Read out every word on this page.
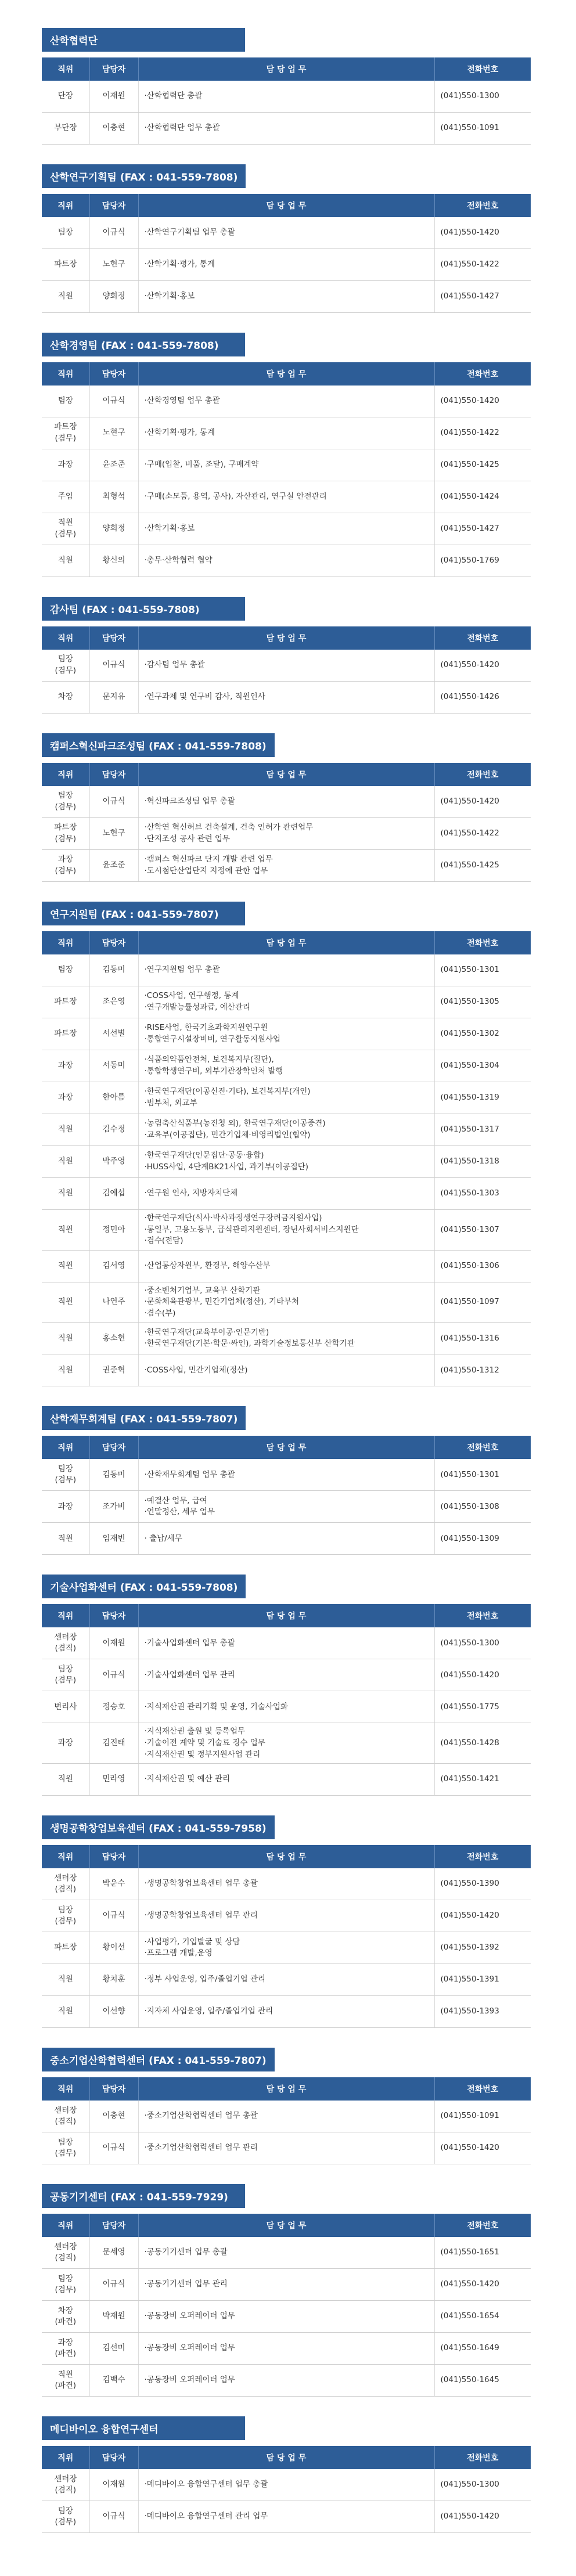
산학협력단
직위	담당자	담 당 업 무	전화번호

단장	이재원	·산학협력단 총괄	(041)550-1300

부단장	이충현	·산학협력단 업무 총괄	(041)550-1091
산학연구기획팀 (FAX : 041-559-7808)
직위	담당자	담 당 업 무	전화번호

팀장	이규식	·산학연구기획팀 업무 총괄	(041)550-1420

파트장	노현구	·산학기획·평가, 통계	(041)550-1422

직원	양희정	·산학기획·홍보	(041)550-1427
산학경영팀 (FAX : 041-559-7808)
직위	담당자	담 당 업 무	전화번호

팀장	이규식	·산학경영팀 업무 총괄	(041)550-1420

파트장
(겸무)	노현구	·산학기획·평가, 통계	(041)550-1422

과장	윤조준	·구매(입찰, 비품, 조달), 구매계약	(041)550-1425

주임	최형석	·구매(소모품, 용역, 공사), 자산관리, 연구실 안전관리	(041)550-1424

직원
(겸무)	양희정	·산학기획·홍보	(041)550-1427

직원	황신의	·총무·산학협력 협약	(041)550-1769
감사팀 (FAX : 041-559-7808)
직위	담당자	담 당 업 무	전화번호

팀장
(겸무)	이규식	·감사팀 업무 총괄	(041)550-1420

차장	문지유	·연구과제 및 연구비 감사, 직원인사	(041)550-1426
캠퍼스혁신파크조성팀 (FAX : 041-559-7808)
직위	담당자	담 당 업 무	전화번호

팀장
(겸무)	이규식	·혁신파크조성팀 업무 총괄	(041)550-1420

파트장
(겸무)	노현구	·산학연 혁신허브 건축설계, 건축 인허가 관련업무
·단지조성 공사 관련 업무	(041)550-1422

과장
(겸무)	윤조준	·캠퍼스 혁신파크 단지 개발 관련 업무
·도시첨단산업단지 지정에 관한 업무	(041)550-1425
연구지원팀 (FAX : 041-559-7807)
직위	담당자	담 당 업 무	전화번호

팀장	김동미	·연구지원팀 업무 총괄	(041)550-1301

파트장	조은영	·COSS사업, 연구행정, 통계
·연구개발능률성과급, 예산관리	(041)550-1305

파트장	서선별	·RISE사업, 한국기초과학지원연구원
·통합연구시설장비비, 연구활동지원사업	(041)550-1302

과장	서동미	·식품의약품안전처, 보건복지부(질단),
·통합학생연구비, 외부기관장학인처 발행	(041)550-1304

과장	한아름	·한국연구재단(이공신진·기타), 보건복지부(개인)
·범부처, 외교부	(041)550-1319

직원	김수정	·농림축산식품부(농진청 외), 한국연구재단(이공중견)
·교육부(이공집단), 민간기업체·비영리법인(협약)	(041)550-1317

직원	박주영	·한국연구재단(인문집단·공동·융합)
·HUSS사업, 4단계BK21사업, 과기부(이공집단)	(041)550-1318

직원	김예섭	·연구원 인사, 지방자치단체	(041)550-1303

직원	정민아	·한국연구재단(석사·박사과정생연구장려금지원사업)
·통일부, 고용노동부, 급식관리지원센터, 장년사회서비스지원단
·겸수(전담)	(041)550-1307

직원	김서영	·산업통상자원부, 환경부, 해양수산부	(041)550-1306

직원	나연주	·중소벤처기업부, 교육부 산학기관
·문화체육관광부, 민간기업체(정산), 기타부처
·겸수(부)	(041)550-1097

직원	홍소현	·한국연구재단(교육부이공·인문기반)
·한국연구재단(기본·학문·싸인), 과학기술정보통신부 산학기관	(041)550-1316

직원	권준혁	·COSS사업, 민간기업체(정산)	(041)550-1312
산학재무회계팀 (FAX : 041-559-7807)
직위	담당자	담 당 업 무	전화번호

팀장
(겸무)	김동미	·산학재무회계팀 업무 총괄	(041)550-1301

과장	조가비	·예결산 업무, 급여
·연말정산, 세무 업무	(041)550-1308

직원	임재빈	· 출납/세무	(041)550-1309
기술사업화센터 (FAX : 041-559-7808)
직위	담당자	담 당 업 무	전화번호

센터장
(겸직)	이재원	·기술사업화센터 업무 총괄	(041)550-1300

팀장
(겸무)	이규식	·기술사업화센터 업무 관리	(041)550-1420

변리사	정승호	·지식재산권 관리기획 및 운영, 기술사업화	(041)550-1775

과장	김진태	·지식재산권 출원 및 등록업무
·기술이전 계약 및 기술료 징수 업무
·지식재산권 및 정부지원사업 관리	(041)550-1428

직원	민라영	·지식재산권 및 예산 관리	(041)550-1421
생명공학창업보육센터 (FAX : 041-559-7958)
직위	담당자	담 당 업 무	전화번호

센터장
(겸직)	박운수	·생명공학창업보육센터 업무 총괄	(041)550-1390

팀장
(겸무)	이규식	·생명공학창업보육센터 업무 관리	(041)550-1420

파트장	황이선	·사업평가, 기업발굴 및 상담
·프로그램 개발,운영	(041)550-1392

직원	황치훈	·정부 사업운영, 입주/졸업기업 관리	(041)550-1391

직원	이선향	·지자체 사업운영, 입주/졸업기업 관리	(041)550-1393
중소기업산학협력센터 (FAX : 041-559-7807)
직위	담당자	담 당 업 무	전화번호

센터장
(겸직)	이충현	·중소기업산학협력센터 업무 총괄	(041)550-1091

팀장
(겸무)	이규식	·중소기업산학협력센터 업무 관리	(041)550-1420
공동기기센터 (FAX : 041-559-7929)
직위	담당자	담 당 업 무	전화번호

센터장
(겸직)	문세영	·공동기기센터 업무 총괄	(041)550-1651

팀장
(겸무)	이규식	·공동기기센터 업무 관리	(041)550-1420

차장
(파견)	박재원	·공동장비 오퍼레이터 업무	(041)550-1654

과장
(파견)	김선미	·공동장비 오퍼레이터 업무	(041)550-1649

직원
(파견)	김백수	·공동장비 오퍼레이터 업무	(041)550-1645
메디바이오 융합연구센터
직위	담당자	담 당 업 무	전화번호

센터장
(겸직)	이재원	·메디바이오 융합연구센터 업무 총괄	(041)550-1300

팀장
(겸무)	이규식	·메디바이오 융합연구센터 관리 업무	(041)550-1420
